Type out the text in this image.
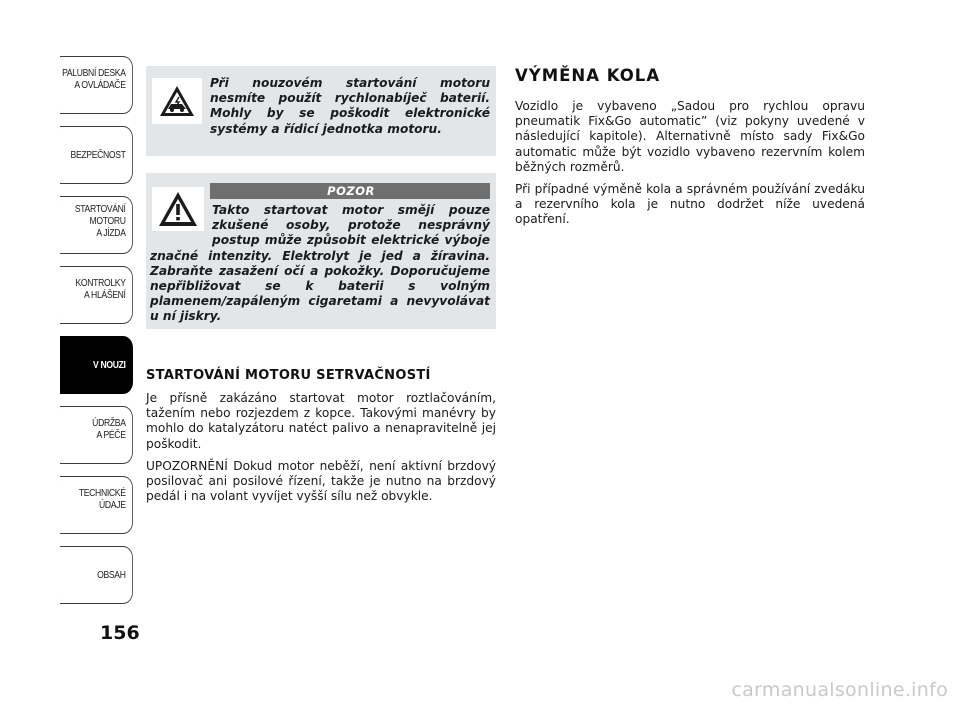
PALUBNÍ DESKA
A OVLÁDAČE
BEZPEČNOST
STARTOVÁNÍ
MOTORU
A JÍZDA
KONTROLKY
A HLÁŠENÍ
V NOUZI
ÚDRŽBA
A PÉČE
TECHNICKÉ
ÚDAJE
OBSAH
156
Při nouzovém startování motoru nesmíte použít rychlonabíječ baterií. Mohly by se poškodit elektronické systémy a řídicí jednotka motoru.
POZOR
Takto startovat motor smějí pouze zkušené osoby, protože nesprávný postup může způsobit elektrické výboje značné intenzity. Elektrolyt je jed a žíravina. Zabraňte zasažení očí a pokožky. Doporučujeme nepřibližovat se k baterii s volným plamenem/zapáleným cigaretami a nevyvolávat u ní jiskry.
STARTOVÁNÍ MOTORU SETRVAČNOSTÍ

Je přísně zakázáno startovat motor roztlačováním, tažením nebo rozjezdem z kopce. Takovými manévry by mohlo do katalyzátoru natéct palivo a nenapravitelně jej poškodit.

UPOZORNĚNÍ Dokud motor neběží, není aktivní brzdový posilovač ani posilové řízení, takže je nutno na brzdový pedál i na volant vyvíjet vyšší sílu než obvykle.

VÝMĚNA KOLA

Vozidlo je vybaveno „Sadou pro rychlou opravu pneumatik Fix&Go automatic” (viz pokyny uvedené v následující kapitole). Alternativně místo sady Fix&Go automatic může být vozidlo vybaveno rezervním kolem běžných rozměrů.

Při případné výměně kola a správném používání zvedáku a rezervního kola je nutno dodržet níže uvedená opatření.

carmanualsonline.info
